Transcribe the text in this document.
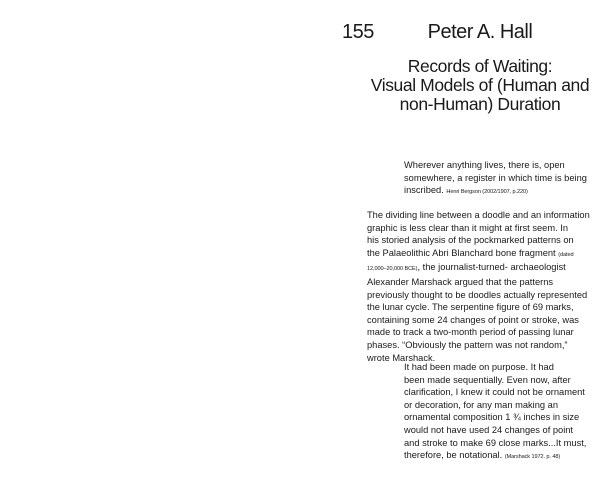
155	Peter A. Hall
Records of Waiting:
Visual Models of (Human and
non-Human) Duration
Wherever anything lives, there is, open
somewhere, a register in which time is being
inscribed. Henri Bergson (2002/1907, p.220)
The dividing line between a doodle and an information
graphic is less clear than it might at first seem. In
his storied analysis of the pockmarked patterns on
the Palaeolithic Abri Blanchard bone fragment (dated
12,000–20,000 BCE), the journalist-turned- archaeologist
Alexander Marshack argued that the patterns
previously thought to be doodles actually represented
the lunar cycle. The serpentine figure of 69 marks,
containing some 24 changes of point or stroke, was
made to track a two-month period of passing lunar
phases. “Obviously the pattern was not random,”
wrote Marshack.
It had been made on purpose. It had
been made sequentially. Even now, after
clarification, I knew it could not be ornament
or decoration, for any man making an
ornamental composition 1 ¾ inches in size
would not have used 24 changes of point
and stroke to make 69 close marks...It must,
therefore, be notational. (Marshack 1972. p. 48)
